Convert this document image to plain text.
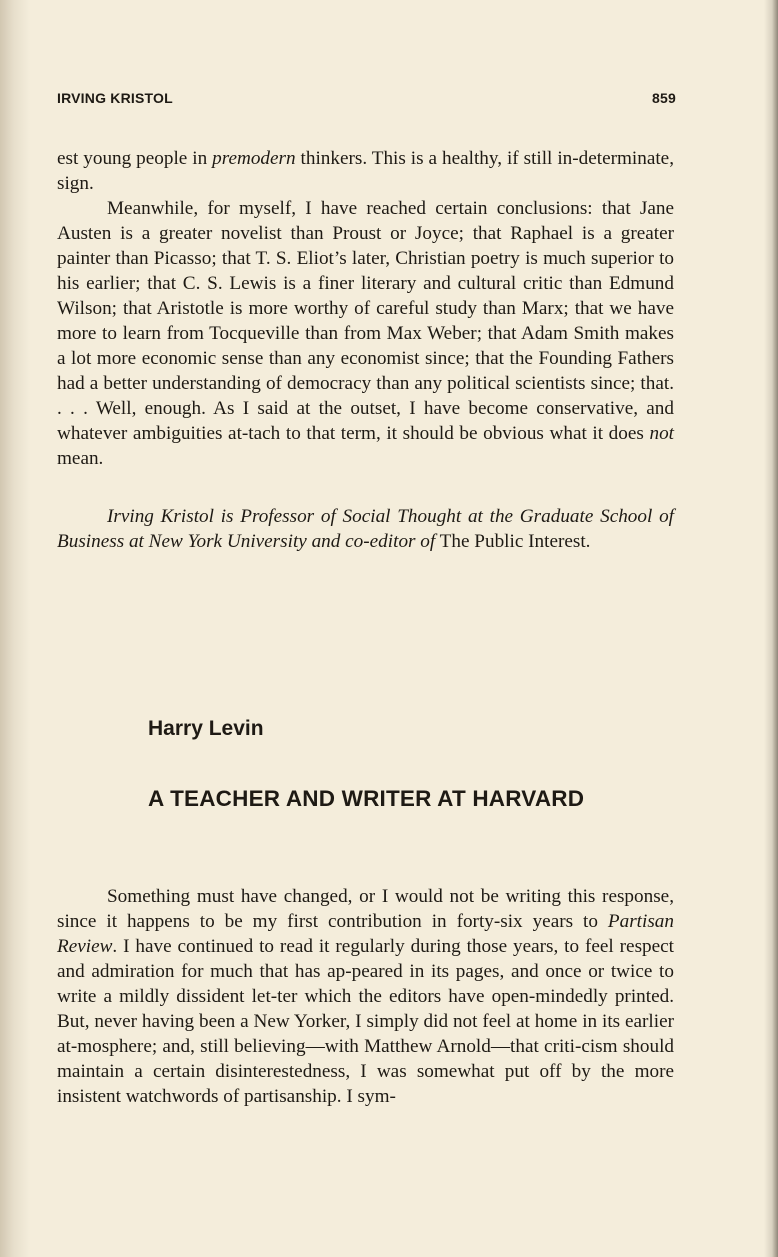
IRVING KRISTOL	859

est young people in premodern thinkers. This is a healthy, if still in-determinate, sign.

Meanwhile, for myself, I have reached certain conclusions: that Jane Austen is a greater novelist than Proust or Joyce; that Raphael is a greater painter than Picasso; that T. S. Eliot’s later, Christian poetry is much superior to his earlier; that C. S. Lewis is a finer literary and cultural critic than Edmund Wilson; that Aristotle is more worthy of careful study than Marx; that we have more to learn from Tocqueville than from Max Weber; that Adam Smith makes a lot more economic sense than any economist since; that the Founding Fathers had a better understanding of democracy than any political scientists since; that. . . . Well, enough. As I said at the outset, I have become conservative, and whatever ambiguities at-tach to that term, it should be obvious what it does not mean.

Irving Kristol is Professor of Social Thought at the Graduate School of Business at New York University and co-editor of The Public Interest.

Harry Levin
A TEACHER AND WRITER AT HARVARD

Something must have changed, or I would not be writing this response, since it happens to be my first contribution in forty-six years to Partisan Review. I have continued to read it regularly during those years, to feel respect and admiration for much that has ap-peared in its pages, and once or twice to write a mildly dissident let-ter which the editors have open-mindedly printed. But, never having been a New Yorker, I simply did not feel at home in its earlier at-mosphere; and, still believing—with Matthew Arnold—that criti-cism should maintain a certain disinterestedness, I was somewhat put off by the more insistent watchwords of partisanship. I sym-
